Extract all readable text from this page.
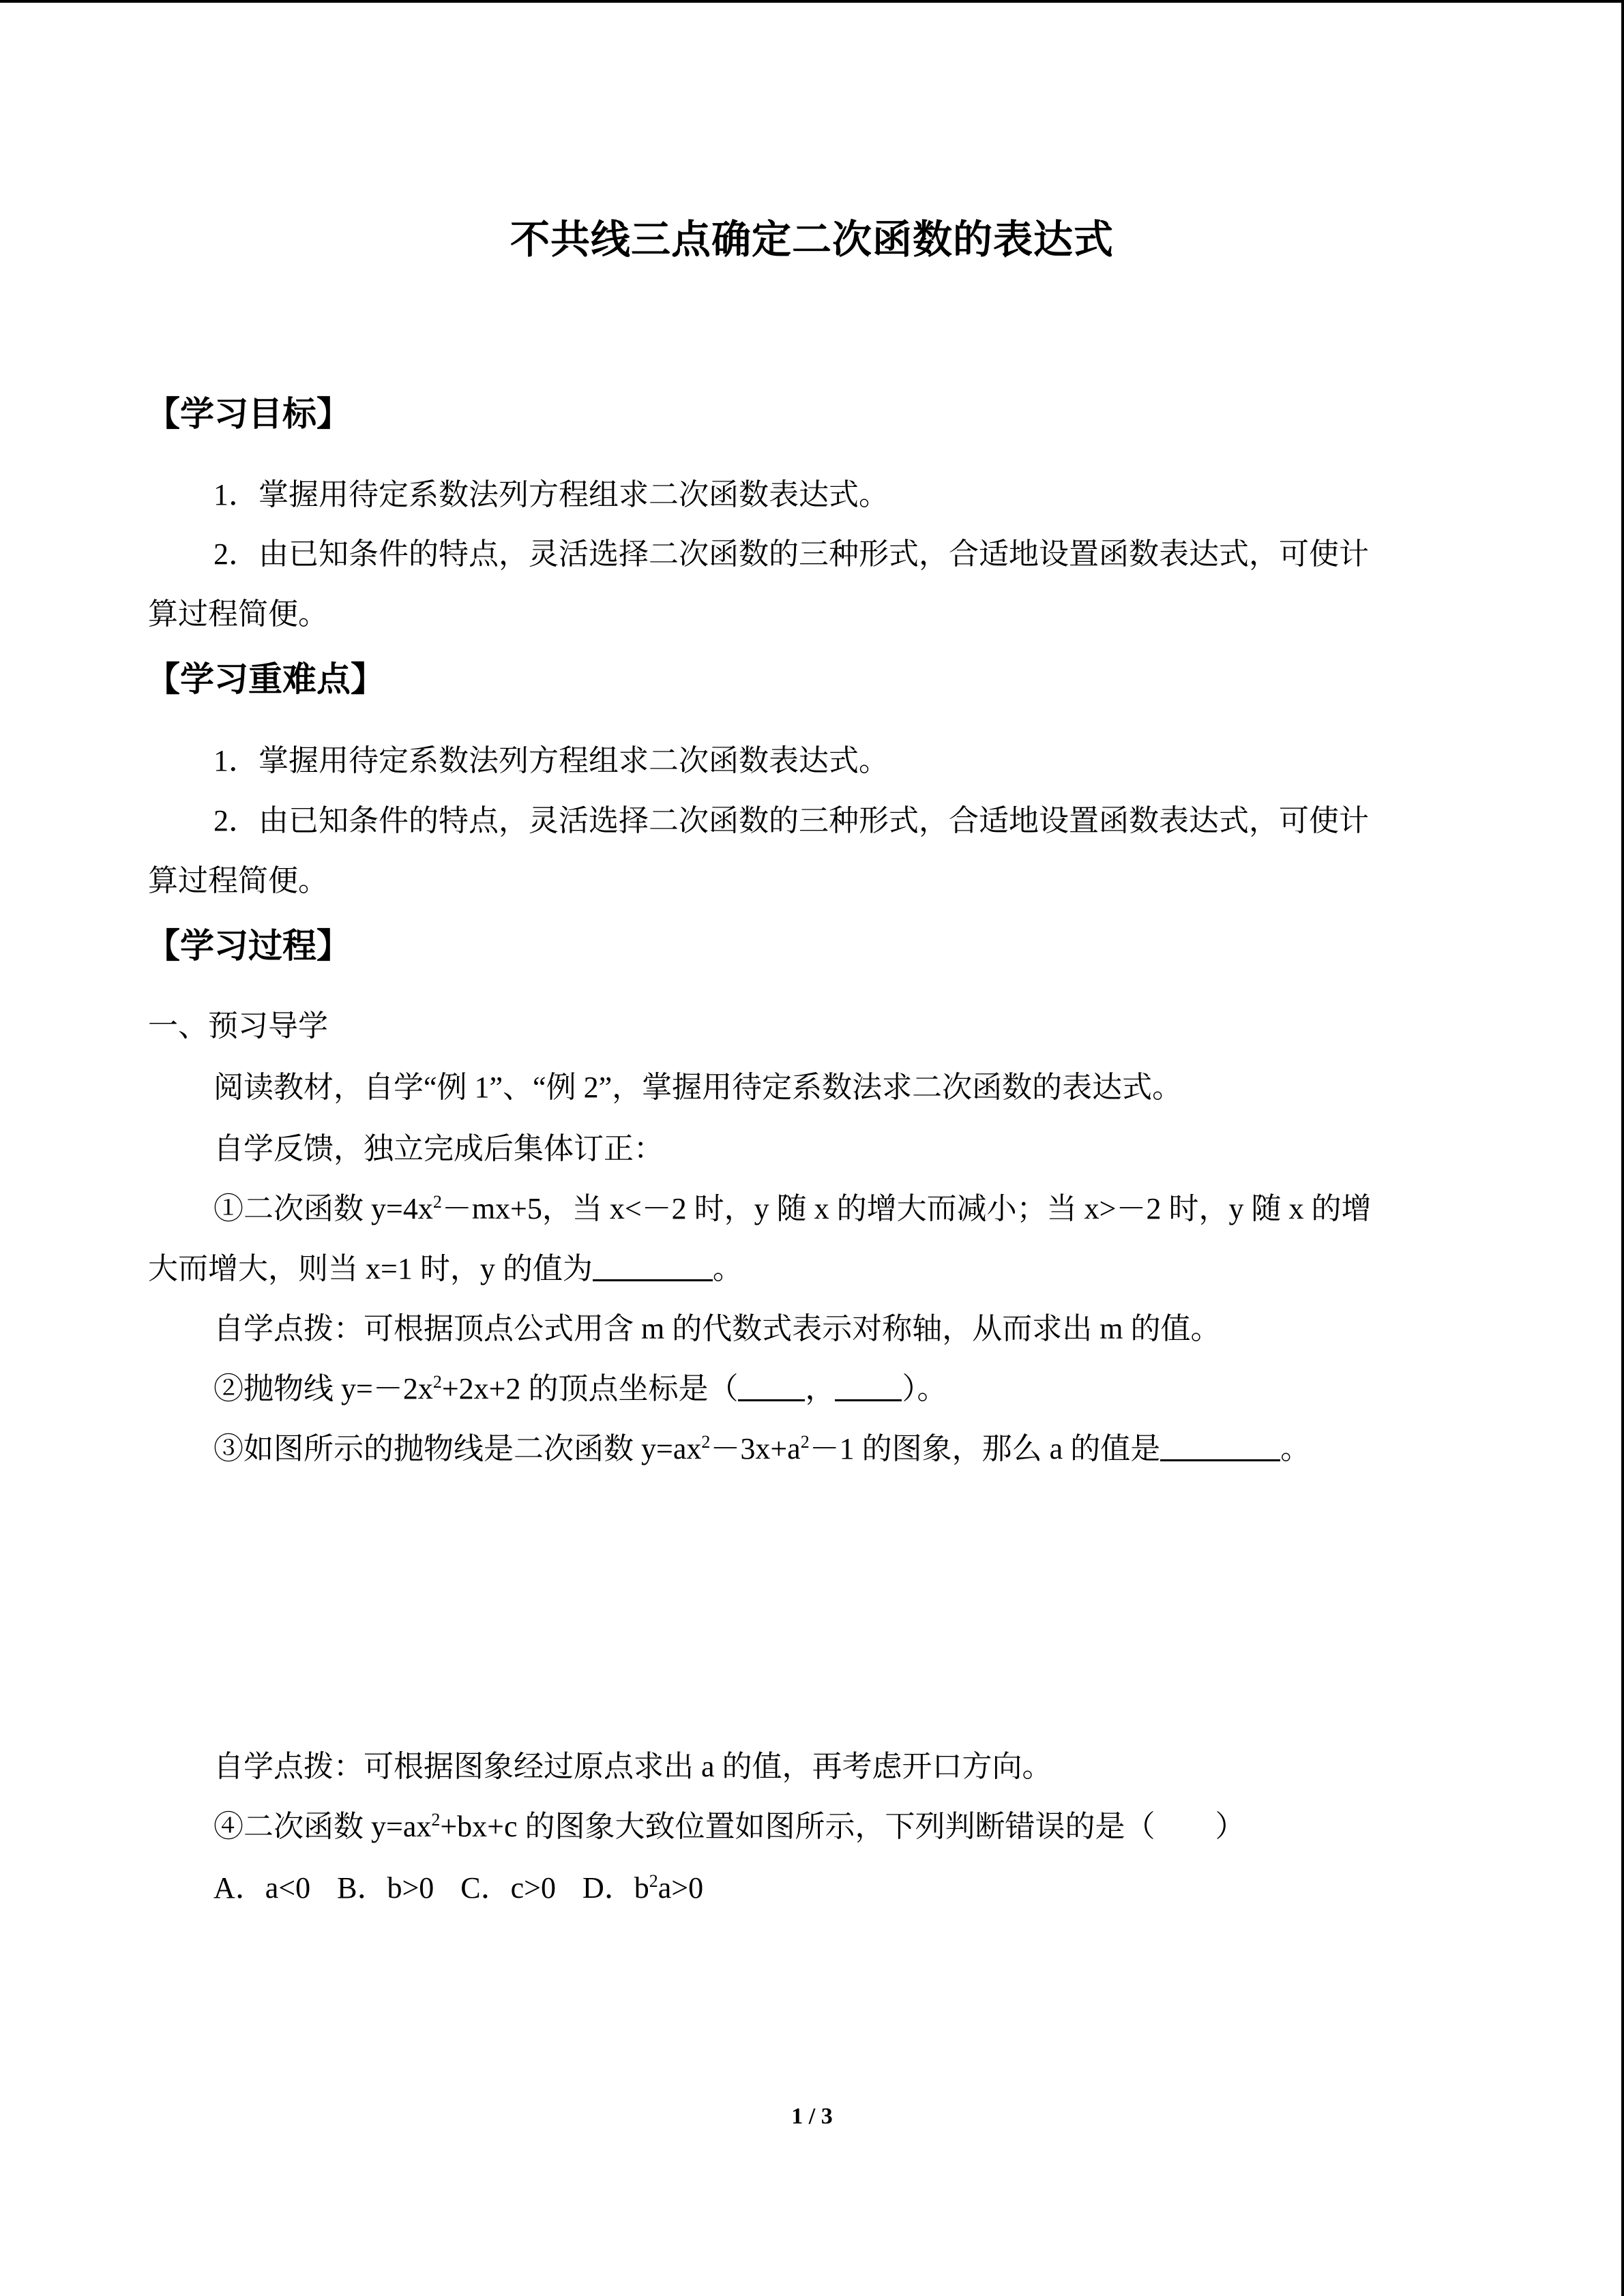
不共线三点确定二次函数的表达式
【学习目标】
1．掌握用待定系数法列方程组求二次函数表达式。
2．由已知条件的特点，灵活选择二次函数的三种形式，合适地设置函数表达式，可使计
算过程简便。
【学习重难点】
1．掌握用待定系数法列方程组求二次函数表达式。
2．由已知条件的特点，灵活选择二次函数的三种形式，合适地设置函数表达式，可使计
算过程简便。
【学习过程】
一、预习导学
阅读教材，自学“例 1”、“例 2”，掌握用待定系数法求二次函数的表达式。
自学反馈，独立完成后集体订正：
①二次函数 $y=4x^2-mx+5$，当 x<－2 时，y 随 x 的增大而减小；当 x>－2 时，y 随 x 的增
大而增大，则当 x=1 时，y 的值为	。
自学点拨：可根据顶点公式用含 m 的代数式表示对称轴，从而求出 m 的值。
②抛物线 $y=-2x^2+2x+2$ 的顶点坐标是（ ， ）。
③如图所示的抛物线是二次函数 $y=ax^2-3x+a^2-1$ 的图象，那么 a 的值是	。
自学点拨：可根据图象经过原点求出 a 的值，再考虑开口方向。
④二次函数 $y=ax^2+bx+c$ 的图象大致位置如图所示，下列判断错误的是（ ）
A．a<0 B．b>0 C．c>0 D．$b^2a>0$
1 / 3
